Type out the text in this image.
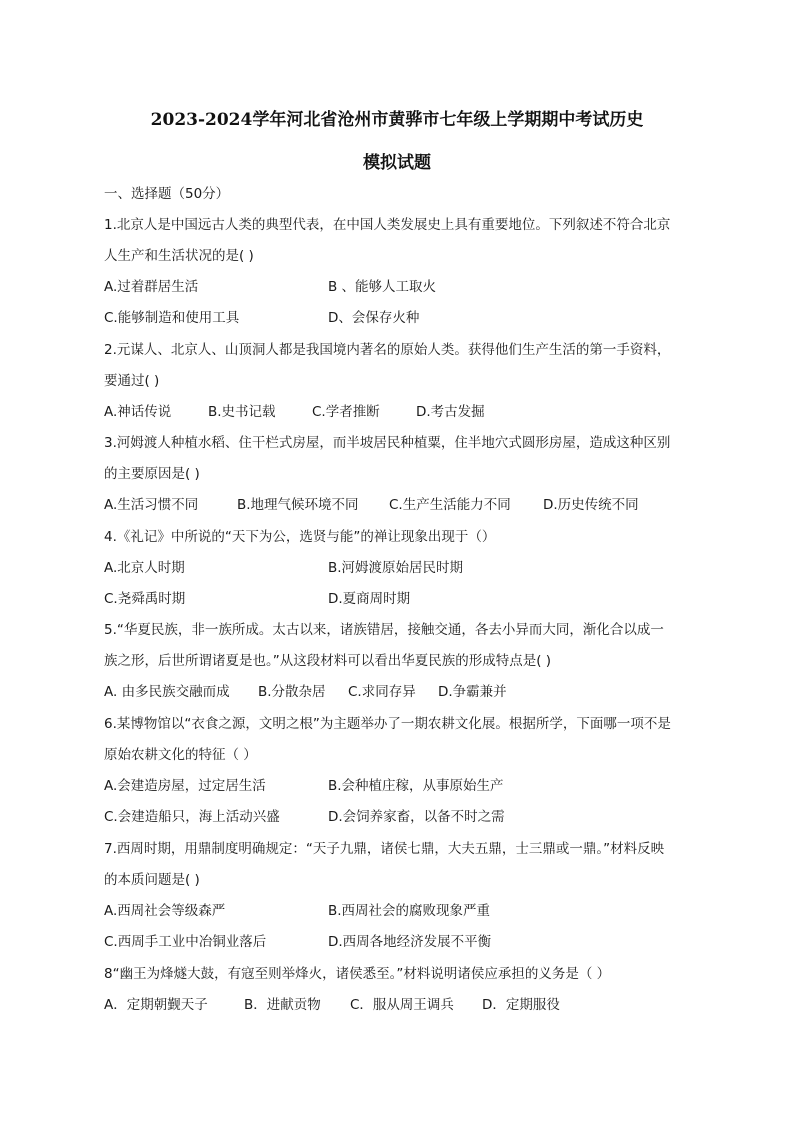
2023-2024学年河北省沧州市黄骅市七年级上学期期中考试历史
模拟试题
一、选择题（50分）
1.北京人是中国远古人类的典型代表，在中国人类发展史上具有重要地位。下列叙述不符合北京
人生产和生活状况的是( )
A.过着群居生活	B 、能够人工取火
C.能够制造和使用工具	D、会保存火种
2.元谋人、北京人、山顶洞人都是我国境内著名的原始人类。获得他们生产生活的第一手资料，
要通过( )
A.神话传说	B.史书记载	C.学者推断	D.考古发掘
3.河姆渡人种植水稻、住干栏式房屋，而半坡居民种植粟，住半地穴式圆形房屋，造成这种区别
的主要原因是( )
A.生活习惯不同	B.地理气候环境不同 C.生产生活能力不同 D.历史传统不同
4.《礼记》中所说的“天下为公，选贤与能”的禅让现象出现于（）
A.北京人时期	B.河姆渡原始居民时期
C.尧舜禹时期	D.夏商周时期
5.“华夏民族，非一族所成。太古以来，诸族错居，接触交通，各去小异而大同，渐化合以成一
族之形，后世所谓诸夏是也。”从这段材料可以看出华夏民族的形成特点是( )
A. 由多民族交融而成 B.分散杂居 C.求同存异 D.争霸兼并
6.某博物馆以“衣食之源，文明之根”为主题举办了一期农耕文化展。根据所学，下面哪一项不是
原始农耕文化的特征（ ）
A.会建造房屋，过定居生活	B.会种植庄稼，从事原始生产
C.会建造船只，海上活动兴盛	D.会饲养家畜，以备不时之需
7.西周时期，用鼎制度明确规定：“天子九鼎，诸侯七鼎，大夫五鼎，士三鼎或一鼎。”材料反映
的本质问题是( )
A.西周社会等级森严	B.西周社会的腐败现象严重
C.西周手工业中冶铜业落后	D.西周各地经济发展不平衡
8“幽王为烽燧大鼓，有寇至则举烽火，诸侯悉至。”材料说明诸侯应承担的义务是（ ）
A．定期朝觐天子	B．进献贡物 C．服从周王调兵 D．定期服役
